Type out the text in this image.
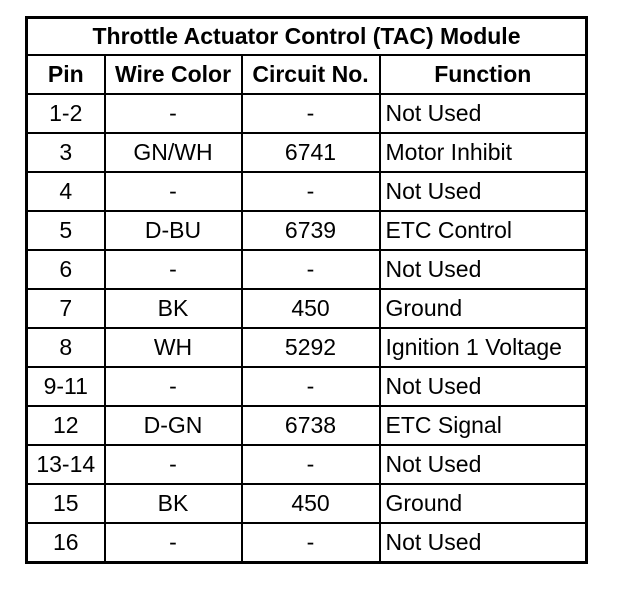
Throttle Actuator Control (TAC) Module			
Pin	Wire Color	Circuit No.	Function
1-2	-	-	Not Used
3	GN/WH	6741	Motor Inhibit
4	-	-	Not Used
5	D-BU	6739	ETC Control
6	-	-	Not Used
7	BK	450	Ground
8	WH	5292	Ignition 1 Voltage
9-11	-	-	Not Used
12	D-GN	6738	ETC Signal
13-14	-	-	Not Used
15	BK	450	Ground
16	-	-	Not Used
